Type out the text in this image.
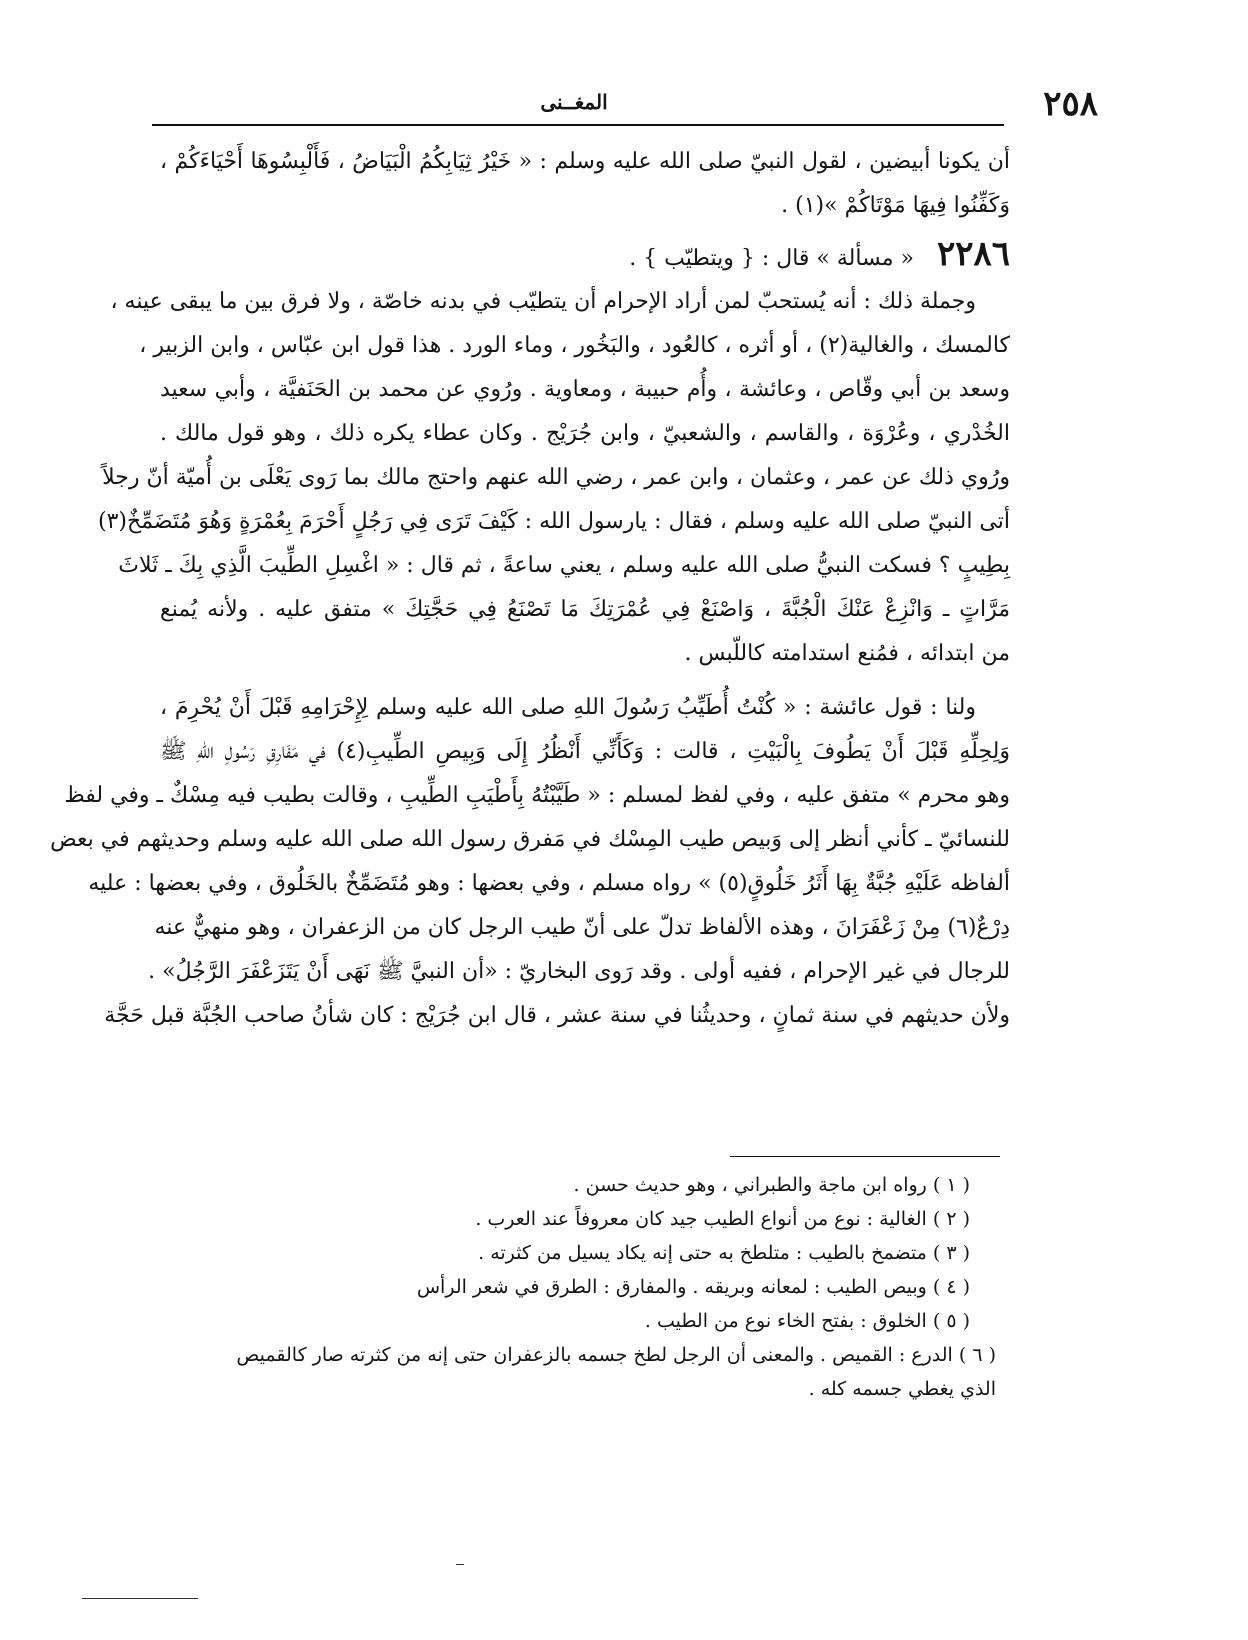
٢٥٨
المغــنى
أن يكونا أبيضين ، لقول النبيّ صلى الله عليه وسلم : « خَيْرُ ثِيَابِكُمُ الْبَيَاضُ ، فَأَلْبِسُوهَا أَحْيَاءَكُمْ ،
وَكَفِّنُوا فِيهَا مَوْتَاكُمْ »(١) .
٢٢٨٦ « مسألة » قال : { ويتطيّب } .
وجملة ذلك : أنه يُستحبّ لمن أراد الإحرام أن يتطيّب في بدنه خاصّة ، ولا فرق بين ما يبقى عينه ،
كالمسك ، والغالية(٢) ، أو أثره ، كالعُود ، والبَخُور ، وماء الورد . هذا قول ابن عبّاس ، وابن الزبير ،
وسعد بن أبي وقّاص ، وعائشة ، وأُم حبيبة ، ومعاوية . ورُوي عن محمد بن الحَنَفيَّة ، وأبي سعيد
الخُدْري ، وعُرْوَة ، والقاسم ، والشعبيّ ، وابن جُرَيْج . وكان عطاء يكره ذلك ، وهو قول مالك .
ورُوي ذلك عن عمر ، وعثمان ، وابن عمر ، رضي الله عنهم واحتج مالك بما رَوى يَعْلَى بن أُميّة أنّ رجلاً
أتى النبيّ صلى الله عليه وسلم ، فقال : يارسول الله : كَيْفَ تَرَى فِي رَجُلٍ أَحْرَمَ بِعُمْرَةٍ وَهُوَ مُتَضَمِّخٌ(٣)
بِطِيبٍ ؟ فسكت النبيُّ صلى الله عليه وسلم ، يعني ساعةً ، ثم قال : « اغْسِلِ الطِّيبَ الَّذِي بِكَ ـ ثَلاثَ
مَرَّاتٍ ـ وَانْزِعْ عَنْكَ الْجُبَّةَ ، وَاصْنَعْ فِي عُمْرَتِكَ مَا تَصْنَعُ فِي حَجَّتِكَ » متفق عليه . ولأنه يُمنع
من ابتدائه ، فمُنع استدامته كاللّبس .
ولنا : قول عائشة : « كُنْتُ أُطَيِّبُ رَسُولَ اللهِ صلى الله عليه وسلم لِإِحْرَامِهِ قَبْلَ أَنْ يُحْرِمَ ،
وَلِحِلِّهِ قَبْلَ أَنْ يَطُوفَ بِالْبَيْتِ ، قالت : وَكَأَنِّي أَنْظُرُ إِلَى وَبِيصِ الطِّيبِ(٤) في مَفَارِقِ رَسُولِ اللهِ ﷺ
وهو محرم » متفق عليه ، وفي لفظ لمسلم : « طَيَّبْتُهُ بِأَطْيَبِ الطِّيبِ ، وقالت بطيب فيه مِسْكٌ ـ وفي لفظ
للنسائيّ ـ كأني أنظر إلى وَبيص طيب المِسْك في مَفرق رسول الله صلى الله عليه وسلم وحديثهم في بعض
ألفاظه عَلَيْهِ جُبَّةٌ بِهَا أَثَرُ خَلُوقٍ(٥) » رواه مسلم ، وفي بعضها : وهو مُتَضَمِّخٌ بالخَلُوق ، وفي بعضها : عليه
دِرْعٌ(٦) مِنْ زَعْفَرَانَ ، وهذه الألفاظ تدلّ على أنّ طيب الرجل كان من الزعفران ، وهو منهيٌّ عنه
للرجال في غير الإحرام ، ففيه أولى . وقد رَوى البخاريّ : «أن النبيَّ ﷺ نَهَى أَنْ يَتَزَعْفَرَ الرَّجُلُ» .
ولأن حديثهم في سنة ثمانٍ ، وحديثُنا في سنة عشر ، قال ابن جُرَيْج : كان شأنُ صاحب الجُبَّة قبل حَجَّة
( ١ ) رواه ابن ماجة والطبراني ، وهو حديث حسن .
( ٢ ) الغالية : نوع من أنواع الطيب جيد كان معروفاً عند العرب .
( ٣ ) متضمخ بالطيب : متلطخ به حتى إنه يكاد يسيل من كثرته .
( ٤ ) وبيص الطيب : لمعانه وبريقه . والمفارق : الطرق في شعر الرأس
( ٥ ) الخلوق : بفتح الخاء نوع من الطيب .
( ٦ ) الدرع : القميص . والمعنى أن الرجل لطخ جسمه بالزعفران حتى إنه من كثرته صار كالقميص
الذي يغطي جسمه كله .
